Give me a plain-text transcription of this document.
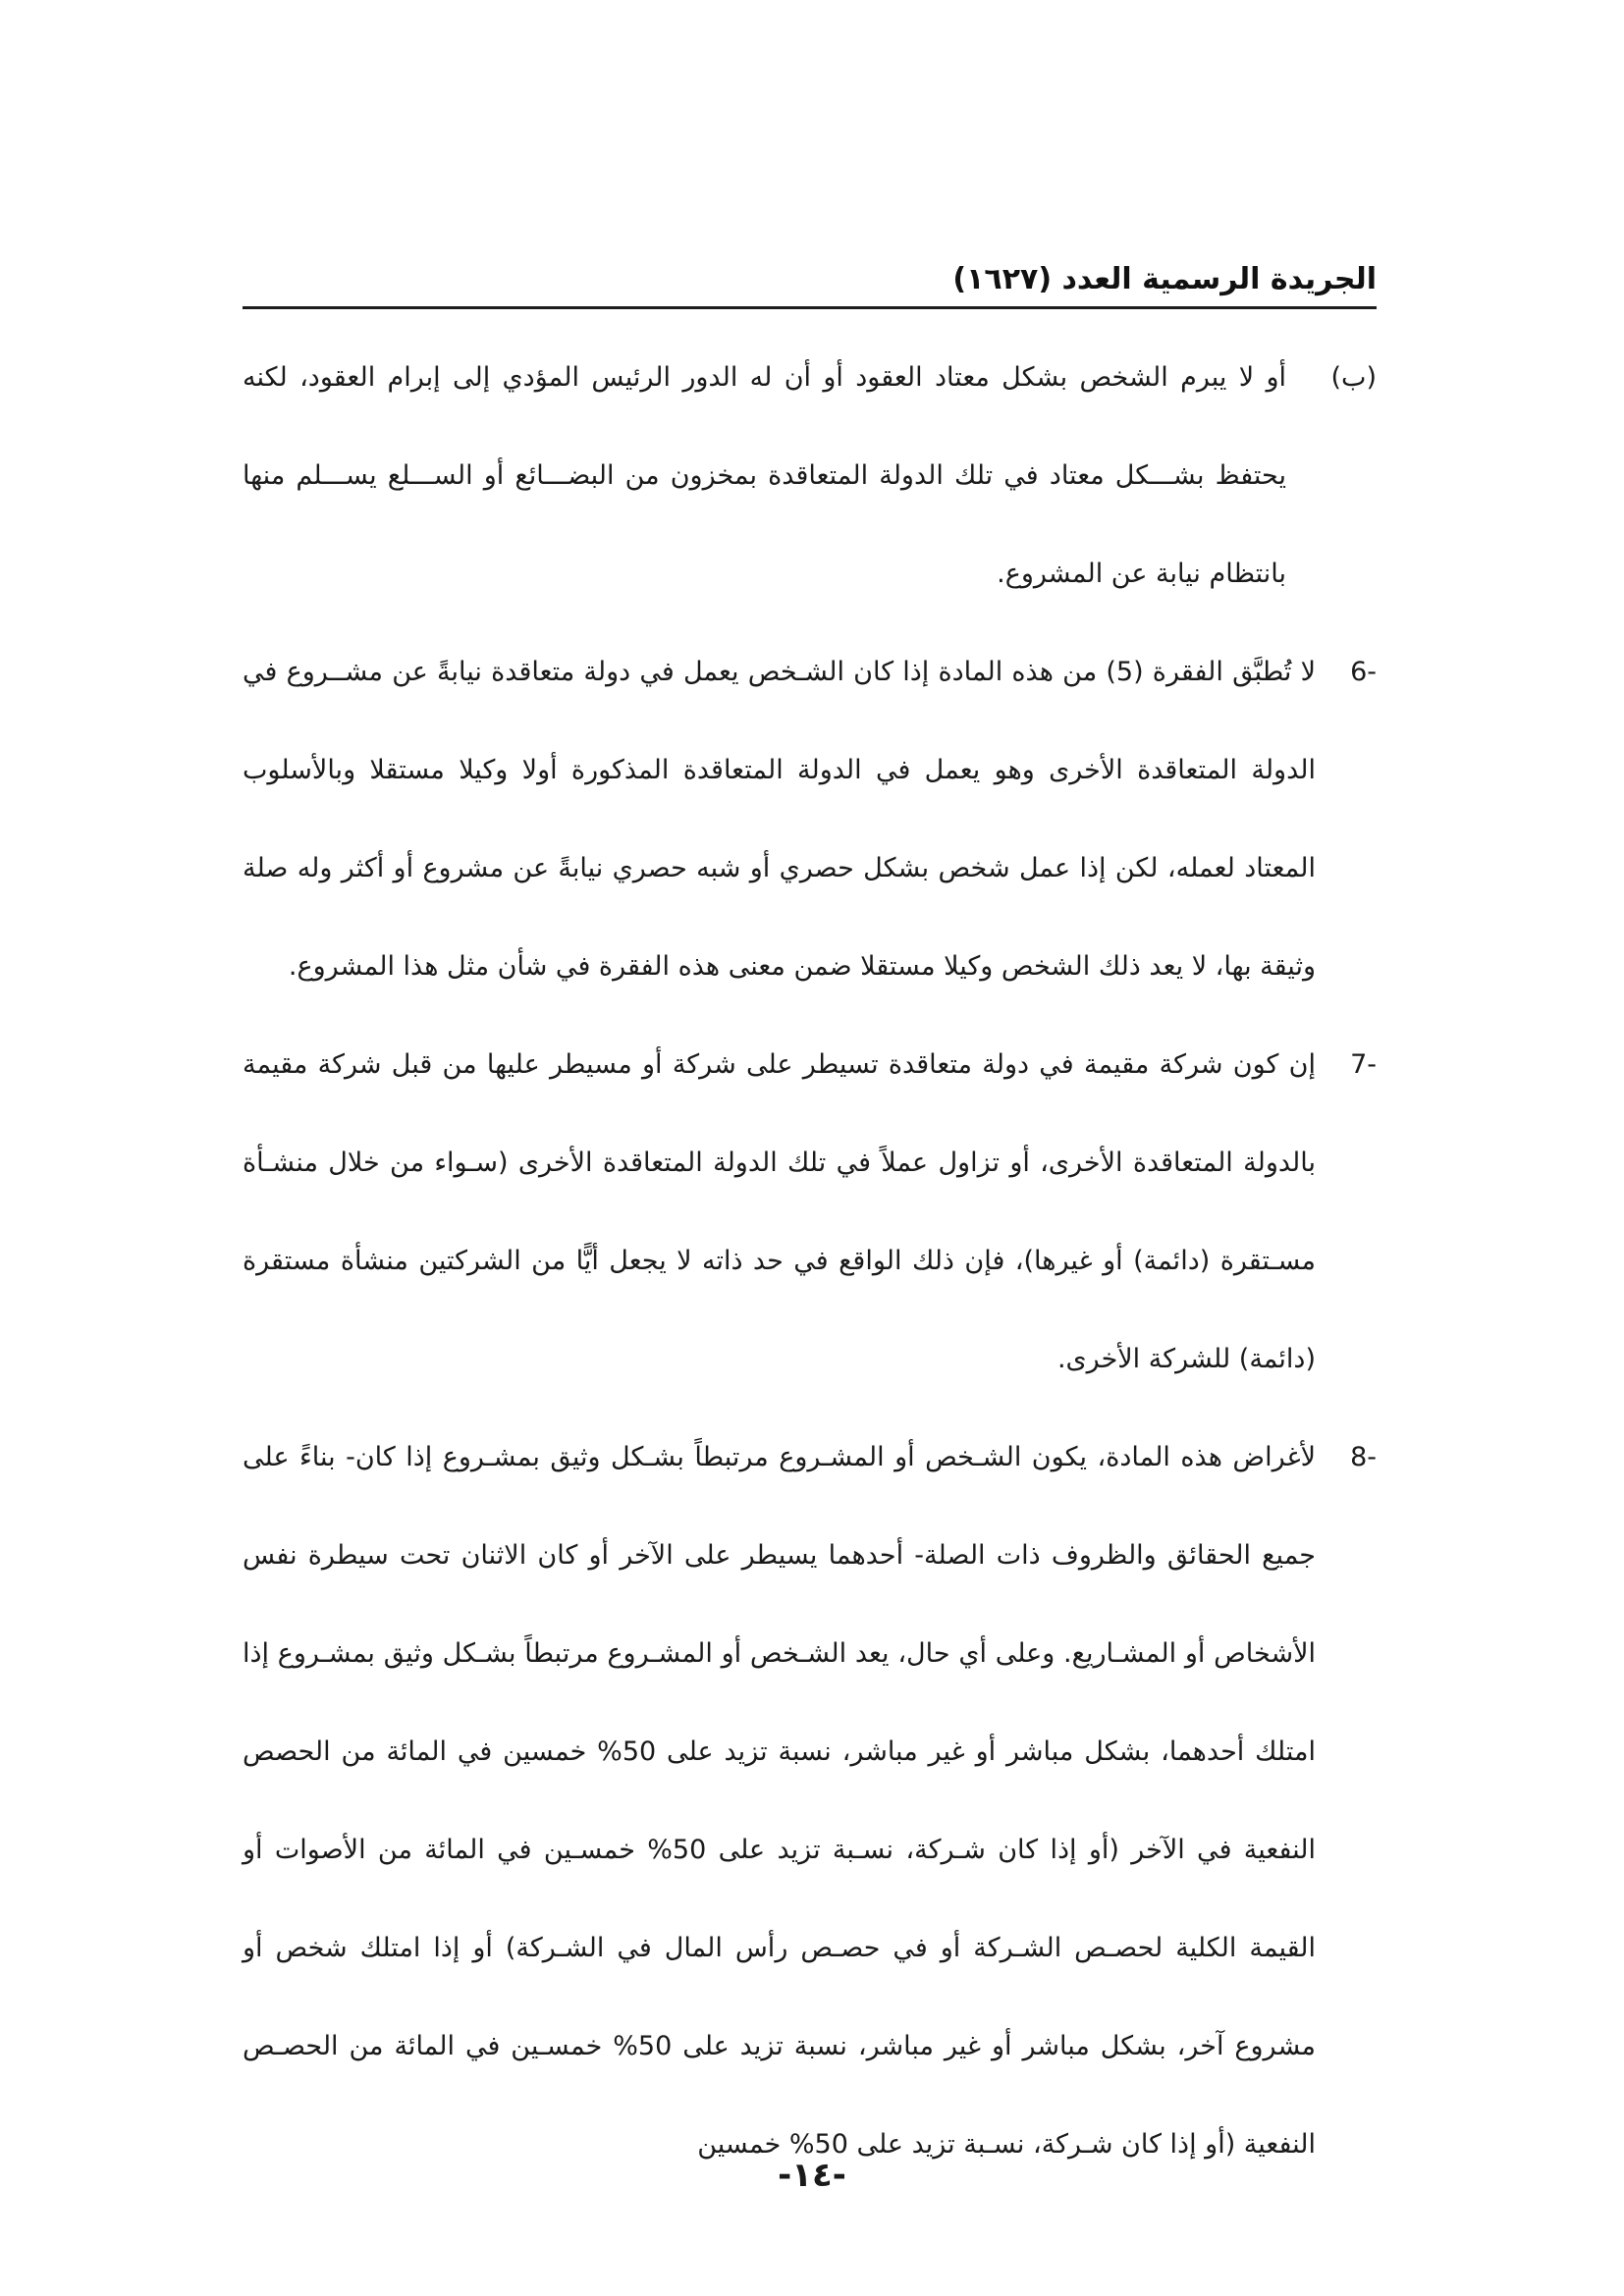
الجريدة الرسمية العدد (١٦٢٧)
(ب)
أو لا يبرم الشخص بشكل معتاد العقود أو أن له الدور الرئيس المؤدي إلى إبرام العقود، لكنه يحتفظ بشـــكل معتاد في تلك الدولة المتعاقدة بمخزون من البضـــائع أو الســـلع يســـلم منها بانتظام نيابة عن المشروع.
-6
لا تُطبَّق الفقرة (5) من هذه المادة إذا كان الشـخص يعمل في دولة متعاقدة نيابةً عن مشــروع في الدولة المتعاقدة الأخرى وهو يعمل في الدولة المتعاقدة المذكورة أولا وكيلا مستقلا وبالأسلوب المعتاد لعمله، لكن إذا عمل شخص بشكل حصري أو شبه حصري نيابةً عن مشروع أو أكثر وله صلة وثيقة بها، لا يعد ذلك الشخص وكيلا مستقلا ضمن معنى هذه الفقرة في شأن مثل هذا المشروع.
-7
إن كون شركة مقيمة في دولة متعاقدة تسيطر على شركة أو مسيطر عليها من قبل شركة مقيمة بالدولة المتعاقدة الأخرى، أو تزاول عملاً في تلك الدولة المتعاقدة الأخرى (سـواء من خلال منشـأة مسـتقرة (دائمة) أو غيرها)، فإن ذلك الواقع في حد ذاته لا يجعل أيًّا من الشركتين منشأة مستقرة (دائمة) للشركة الأخرى.
-8
لأغراض هذه المادة، يكون الشـخص أو المشـروع مرتبطاً بشـكل وثيق بمشـروع إذا كان- بناءً على جميع الحقائق والظروف ذات الصلة- أحدهما يسيطر على الآخر أو كان الاثنان تحت سيطرة نفس الأشخاص أو المشـاريع. وعلى أي حال، يعد الشـخص أو المشـروع مرتبطاً بشـكل وثيق بمشـروع إذا امتلك أحدهما، بشكل مباشر أو غير مباشر، نسبة تزيد على 50% خمسين في المائة من الحصص النفعية في الآخر (أو إذا كان شـركة، نسـبة تزيد على 50% خمسـين في المائة من الأصوات أو القيمة الكلية لحصـص الشـركة أو في حصـص رأس المال في الشـركة) أو إذا امتلك شخص أو مشروع آخر، بشكل مباشر أو غير مباشر، نسبة تزيد على 50% خمسـين في المائة من الحصـص النفعية (أو إذا كان شـركة، نسـبة تزيد على 50% خمسين
-١٤-
